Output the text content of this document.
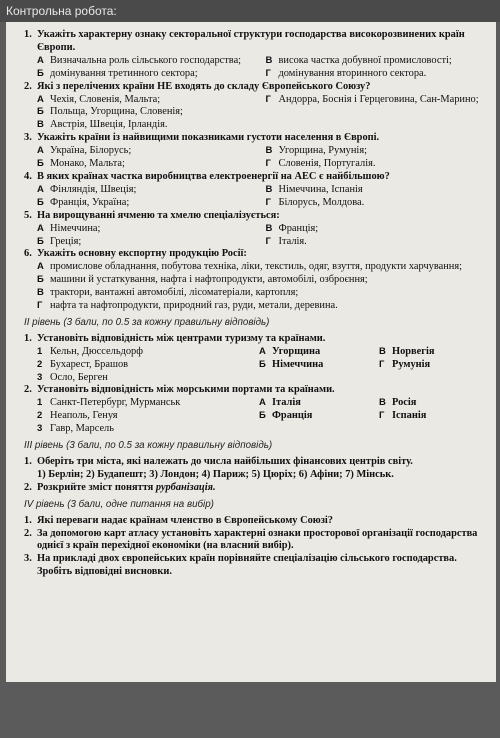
Контрольна робота:
1. Укажіть характерну ознаку секторальної структури господарства високорозвинених країн Європи.
А Визначальна роль сільського господарства;	В висока частка добувної промисловості;
Б домінування третинного сектора;	Г домінування вторинного сектора.
2. Які з перелічених країни НЕ входять до складу Європейського Союзу?
А Чехія, Словенія, Мальта;	Г Андорра, Боснія і Герцеговина, Сан-Марино;
Б Польща, Угорщина, Словенія;
В Австрія, Швеція, Ірландія.
3. Укажіть країни із найвищими показниками густоти населення в Європі.
А Україна, Білорусь;	В Угорщина, Румунія;
Б Монако, Мальта;	Г Словенія, Португалія.
4. В яких країнах частка виробництва електроенергії на АЕС є найбільшою?
А Фінляндія, Швеція;	В Німеччина, Іспанія
Б Франція, Україна;	Г Білорусь, Молдова.
5. На вирощуванні ячменю та хмелю спеціалізується:
А Німеччина;	В Франція;
Б Греція;	Г Італія.
6. Укажіть основну експортну продукцію Росії:
А промислове обладнання, побутова техніка, ліки, текстиль, одяг, взуття, продукти харчування;
Б машини й устаткування, нафта і нафтопродукти, автомобілі, озброєння;
В трактори, вантажні автомобілі, лісоматеріали, картопля;
Г нафта та нафтопродукти, природний газ, руди, метали, деревина.
ІІ рівень (3 бали, по 0.5 за кожну правильну відповідь)
1. Установіть відповідність між центрами туризму та країнами.
1 Кельн, Дюссельдорф	А Угорщина	В Норвегія
2 Бухарест, Брашов	Б Німеччина	Г Румунія
3 Осло, Берген
2. Установіть відповідність між морськими портами та країнами.
1 Санкт-Петербург, Мурманськ	А Італія	В Росія
2 Неаполь, Генуя	Б Франція	Г Іспанія
3 Гавр, Марсель
ІІІ рівень (3 бали, по 0.5 за кожну правильну відповідь)
1. Оберіть три міста, які належать до числа найбільших фінансових центрів світу.
1) Берлін; 2) Будапешт; 3) Лондон; 4) Париж; 5) Цюріх; 6) Афіни; 7) Мінськ.
2. Розкрийте зміст поняття рурбанізація.
IV рівень (3 бали, одне питання на вибір)
1. Які переваги надає країнам членство в Європейському Союзі?
2. За допомогою карт атласу установіть характерні ознаки просторової організації господарства однієї з країн перехідної економіки (на власний вибір).
3. На прикладі двох європейських країн порівняйте спеціалізацію сільського господарства. Зробіть відповідні висновки.
